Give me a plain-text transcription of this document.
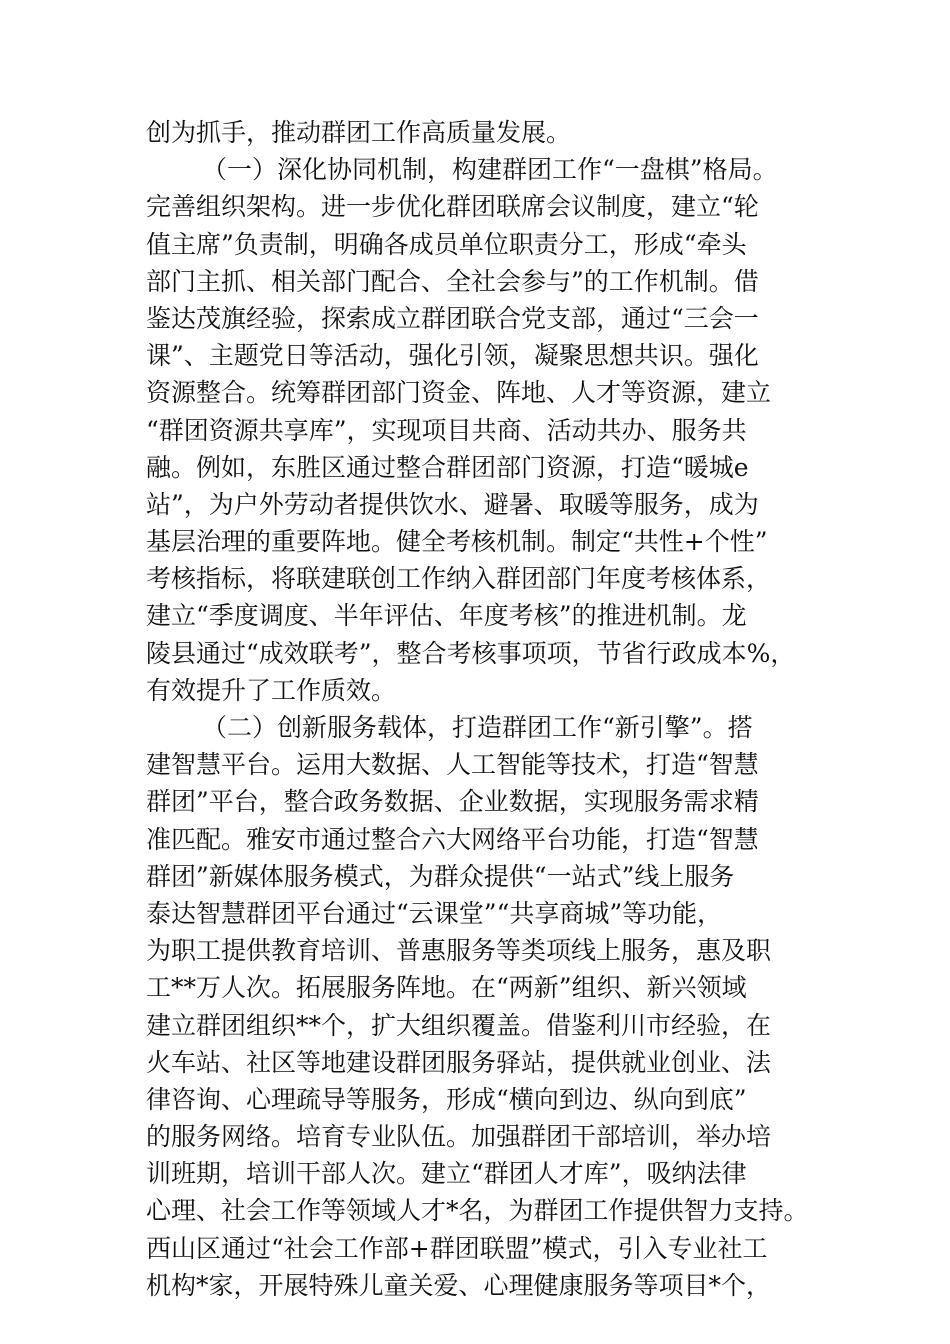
创为抓手，推动群团工作高质量发展。
（一）深化协同机制，构建群团工作“一盘棋”格局。
完善组织架构。进一步优化群团联席会议制度，建立“轮
值主席”负责制，明确各成员单位职责分工，形成“牵头
部门主抓、相关部门配合、全社会参与”的工作机制。借
鉴达茂旗经验，探索成立群团联合党支部，通过“三会一
课”、主题党日等活动，强化引领，凝聚思想共识。强化
资源整合。统筹群团部门资金、阵地、人才等资源，建立
“群团资源共享库”，实现项目共商、活动共办、服务共
融。例如，东胜区通过整合群团部门资源，打造“暖城e
站”，为户外劳动者提供饮水、避暑、取暖等服务，成为
基层治理的重要阵地。健全考核机制。制定“共性+个性”
考核指标，将联建联创工作纳入群团部门年度考核体系，
建立“季度调度、半年评估、年度考核”的推进机制。龙
陵县通过“成效联考”，整合考核事项项，节省行政成本%，
有效提升了工作质效。
（二）创新服务载体，打造群团工作“新引擎”。搭
建智慧平台。运用大数据、人工智能等技术，打造“智慧
群团”平台，整合政务数据、企业数据，实现服务需求精
准匹配。雅安市通过整合六大网络平台功能，打造“智慧
群团”新媒体服务模式，为群众提供“一站式”线上服务
泰达智慧群团平台通过“云课堂”“共享商城”等功能，
为职工提供教育培训、普惠服务等类项线上服务，惠及职
工**万人次。拓展服务阵地。在“两新”组织、新兴领域
建立群团组织**个，扩大组织覆盖。借鉴利川市经验，在
火车站、社区等地建设群团服务驿站，提供就业创业、法
律咨询、心理疏导等服务，形成“横向到边、纵向到底”
的服务网络。培育专业队伍。加强群团干部培训，举办培
训班期，培训干部人次。建立“群团人才库”，吸纳法律
心理、社会工作等领域人才*名，为群团工作提供智力支持。
西山区通过“社会工作部+群团联盟”模式，引入专业社工
机构*家，开展特殊儿童关爱、心理健康服务等项目*个，
